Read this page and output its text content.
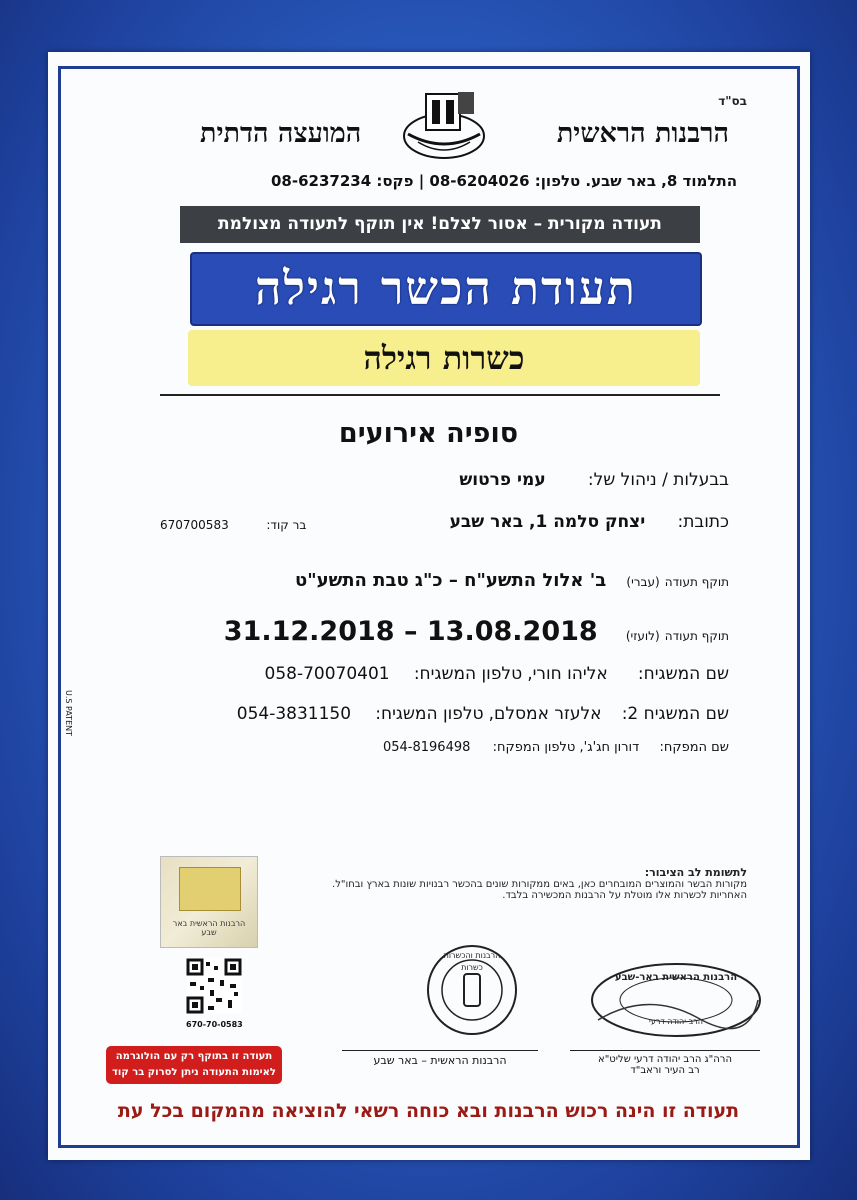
בס"ד
הרבנות הראשית
המועצה הדתית
התלמוד 8, באר שבע. טלפון: 08-6204026 | פקס: 08-6237234
תעודה מקורית – אסור לצלם! אין תוקף לתעודה מצולמת
תעודת הכשר רגילה
כשרות רגילה
סופיה אירועים
בבעלות / ניהול של:  עמי פרטוש
כתובת:  יצחק סלמה 1, באר שבע
בר קוד:  670700583
תוקף תעודה (עברי)  ב' אלול התשע"ח – כ"ג טבת התשע"ט
תוקף תעודה (לועזי)  31.12.2018 – 13.08.2018
שם המשגיח:  אליהו חורי, טלפון המשגיח:  058-70070401
שם המשגיח 2:  אלעזר אמסלם, טלפון המשגיח:  054-3831150
שם המפקח:  דורון חג'ג', טלפון המפקח:  054-8196498
U.S PATENT
לתשומת לב הציבור:
מקורות הבשר והמוצרים המובחרים כאן, באים ממקורות שונים בהכשר רבנויות שונות בארץ ובחו"ל. האחריות לכשרות אלו מוטלת על הרבנות המכשירה בלבד.
הרבנות הראשית באר שבע
670-70-0583
תעודה זו בתוקף רק עם הולוגרמה
לאימות התעודה ניתן לסרוק בר קוד
הרבנות והכשרות
כשרות
הרבנות הראשית באר-שבע
הרב יהודה דרעי
הרבנות הראשית – באר שבע	הרה"ג הרב יהודה דרעי שליט"א
רב העיר וראב"ד
תעודה זו הינה רכוש הרבנות ובא כוחה רשאי להוציאה מהמקום בכל עת
